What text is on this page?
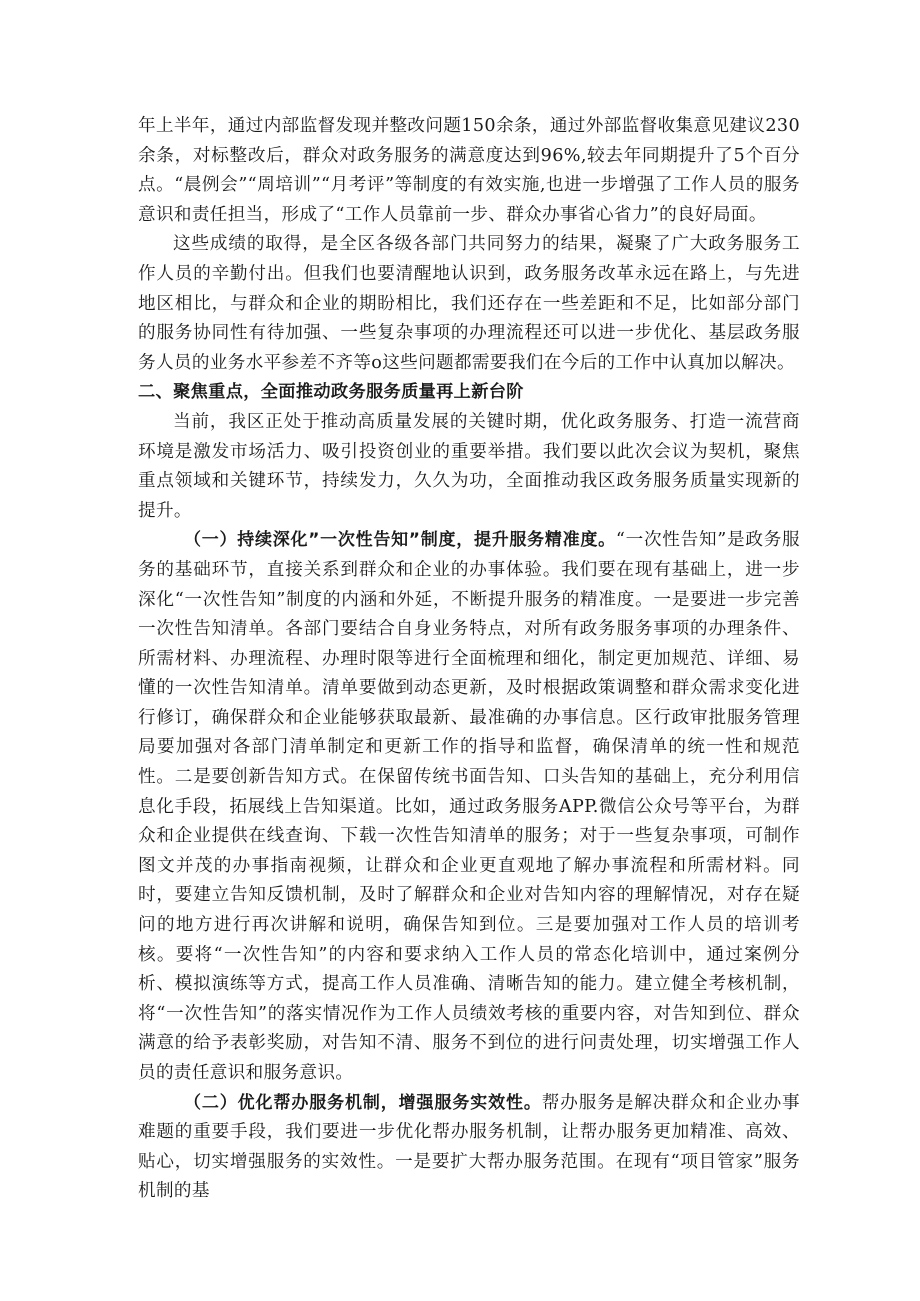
年上半年，通过内部监督发现并整改问题150余条，通过外部监督收集意见建议230余条，对标整改后，群众对政务服务的满意度达到96%,较去年同期提升了5个百分点。“晨例会”“周培训”“月考评”等制度的有效实施,也进一步增强了工作人员的服务意识和责任担当，形成了“工作人员靠前一步、群众办事省心省力”的良好局面。

这些成绩的取得，是全区各级各部门共同努力的结果，凝聚了广大政务服务工作人员的辛勤付出。但我们也要清醒地认识到，政务服务改革永远在路上，与先进地区相比，与群众和企业的期盼相比，我们还存在一些差距和不足，比如部分部门的服务协同性有待加强、一些复杂事项的办理流程还可以进一步优化、基层政务服务人员的业务水平参差不齐等o这些问题都需要我们在今后的工作中认真加以解决。

二、聚焦重点，全面推动政务服务质量再上新台阶

当前，我区正处于推动高质量发展的关键时期，优化政务服务、打造一流营商环境是激发市场活力、吸引投资创业的重要举措。我们要以此次会议为契机，聚焦重点领域和关键环节，持续发力，久久为功，全面推动我区政务服务质量实现新的提升。

（一）持续深化”一次性告知”制度，提升服务精准度。“一次性告知”是政务服务的基础环节，直接关系到群众和企业的办事体验。我们要在现有基础上，进一步深化“一次性告知”制度的内涵和外延，不断提升服务的精准度。一是要进一步完善一次性告知清单。各部门要结合自身业务特点，对所有政务服务事项的办理条件、所需材料、办理流程、办理时限等进行全面梳理和细化，制定更加规范、详细、易懂的一次性告知清单。清单要做到动态更新，及时根据政策调整和群众需求变化进行修订，确保群众和企业能够获取最新、最准确的办事信息。区行政审批服务管理局要加强对各部门清单制定和更新工作的指导和监督，确保清单的统一性和规范性。二是要创新告知方式。在保留传统书面告知、口头告知的基础上，充分利用信息化手段，拓展线上告知渠道。比如，通过政务服务APP.微信公众号等平台，为群众和企业提供在线查询、下载一次性告知清单的服务；对于一些复杂事项，可制作图文并茂的办事指南视频，让群众和企业更直观地了解办事流程和所需材料。同时，要建立告知反馈机制，及时了解群众和企业对告知内容的理解情况，对存在疑问的地方进行再次讲解和说明，确保告知到位。三是要加强对工作人员的培训考核。要将“一次性告知”的内容和要求纳入工作人员的常态化培训中，通过案例分析、模拟演练等方式，提高工作人员准确、清晰告知的能力。建立健全考核机制，将“一次性告知”的落实情况作为工作人员绩效考核的重要内容，对告知到位、群众满意的给予表彰奖励，对告知不清、服务不到位的进行问责处理，切实增强工作人员的责任意识和服务意识。

（二）优化帮办服务机制，增强服务实效性。帮办服务是解决群众和企业办事难题的重要手段，我们要进一步优化帮办服务机制，让帮办服务更加精准、高效、贴心，切实增强服务的实效性。一是要扩大帮办服务范围。在现有“项目管家”服务机制的基
